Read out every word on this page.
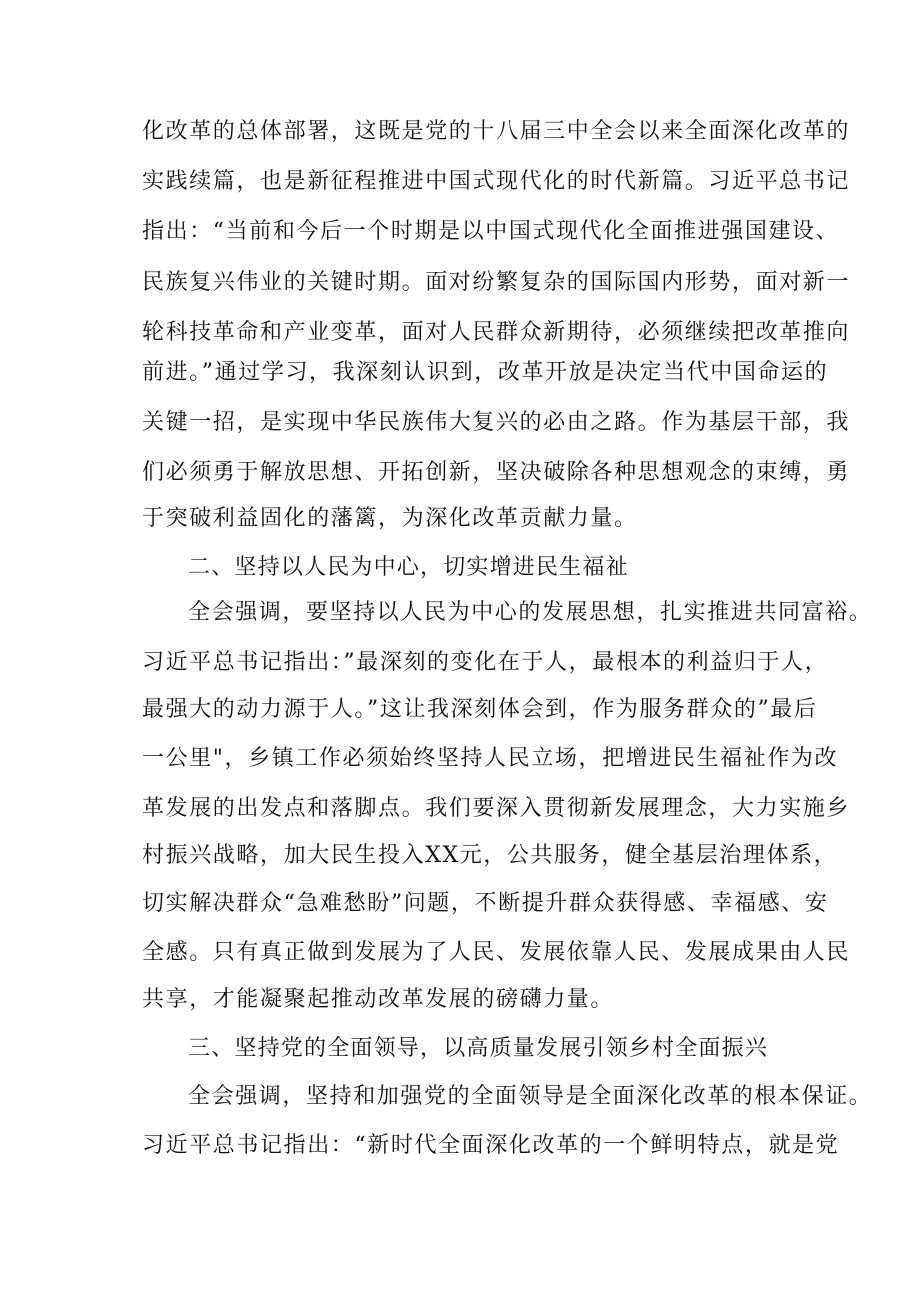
化改革的总体部署，这既是党的十八届三中全会以来全面深化改革的
实践续篇，也是新征程推进中国式现代化的时代新篇。习近平总书记
指出：“当前和今后一个时期是以中国式现代化全面推进强国建设、
民族复兴伟业的关键时期。面对纷繁复杂的国际国内形势，面对新一
轮科技革命和产业变革，面对人民群众新期待，必须继续把改革推向
前进。”通过学习，我深刻认识到，改革开放是决定当代中国命运的
关键一招，是实现中华民族伟大复兴的必由之路。作为基层干部，我
们必须勇于解放思想、开拓创新，坚决破除各种思想观念的束缚，勇
于突破利益固化的藩篱，为深化改革贡献力量。
二、坚持以人民为中心，切实增进民生福祉
全会强调，要坚持以人民为中心的发展思想，扎实推进共同富裕。
习近平总书记指出：”最深刻的变化在于人，最根本的利益归于人，
最强大的动力源于人。”这让我深刻体会到，作为服务群众的”最后
一公里"，乡镇工作必须始终坚持人民立场，把增进民生福祉作为改
革发展的出发点和落脚点。我们要深入贯彻新发展理念，大力实施乡
村振兴战略，加大民生投入XX元，公共服务，健全基层治理体系，
切实解决群众“急难愁盼”问题，不断提升群众获得感、幸福感、安
全感。只有真正做到发展为了人民、发展依靠人民、发展成果由人民
共享，才能凝聚起推动改革发展的磅礴力量。
三、坚持党的全面领导，以高质量发展引领乡村全面振兴
全会强调，坚持和加强党的全面领导是全面深化改革的根本保证。
习近平总书记指出：“新时代全面深化改革的一个鲜明特点，就是党
